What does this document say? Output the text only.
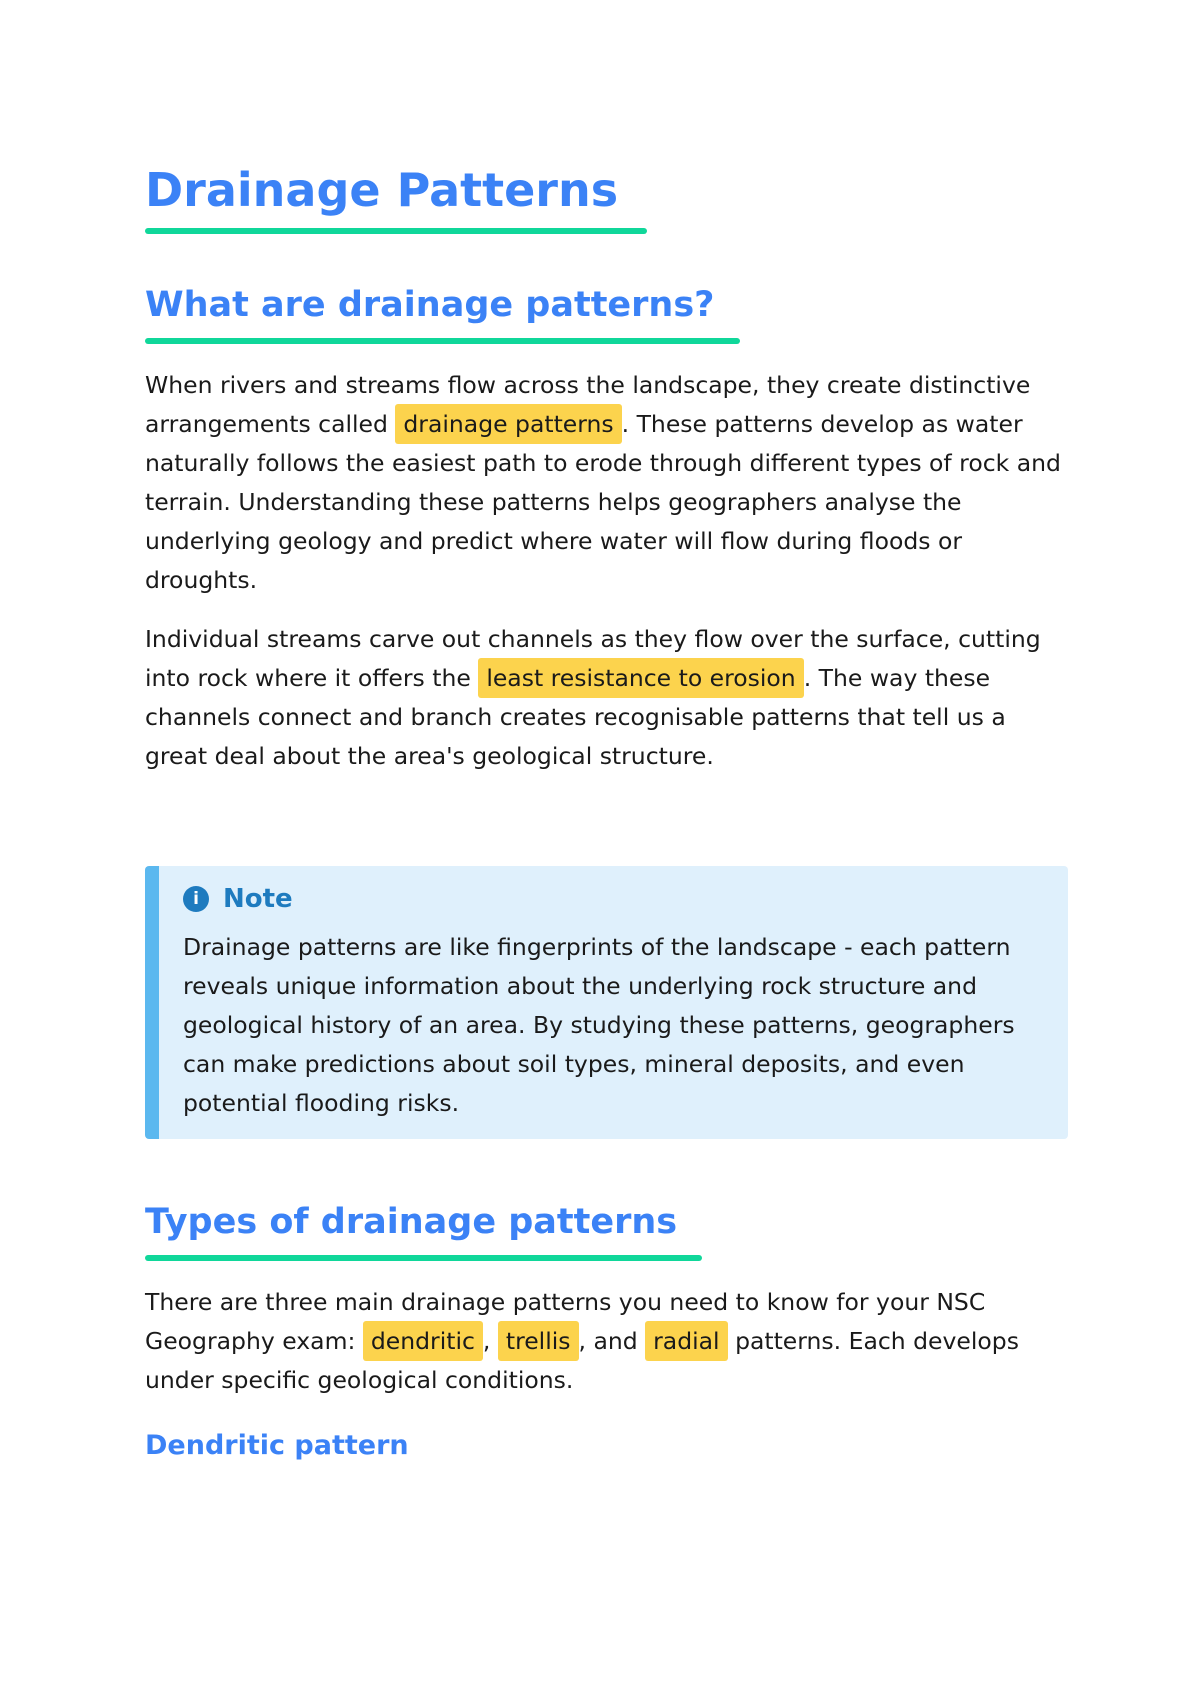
Drainage Patterns
What are drainage patterns?

When rivers and streams flow across the landscape, they create distinctive arrangements called drainage patterns . These patterns develop as water naturally follows the easiest path to erode through different types of rock and terrain. Understanding these patterns helps geographers analyse the underlying geology and predict where water will flow during floods or droughts.

Individual streams carve out channels as they flow over the surface, cutting into rock where it offers the least resistance to erosion . The way these channels connect and branch creates recognisable patterns that tell us a great deal about the area's geological structure.

i Note

Drainage patterns are like fingerprints of the landscape - each pattern reveals unique information about the underlying rock structure and geological history of an area. By studying these patterns, geographers can make predictions about soil types, mineral deposits, and even potential flooding risks.

Types of drainage patterns

There are three main drainage patterns you need to know for your NSC Geography exam: dendritic , trellis , and radial patterns. Each develops under specific geological conditions.

Dendritic pattern
